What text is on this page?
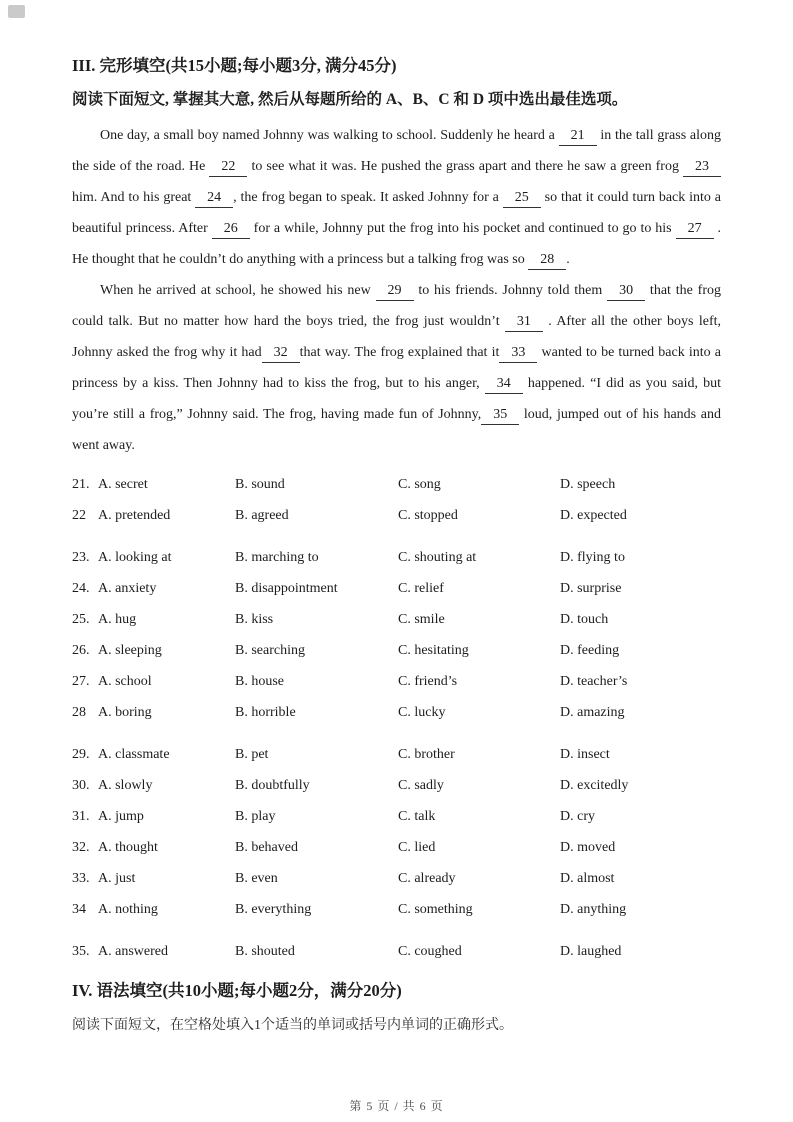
III. 完形填空(共15小题;每小题3分, 满分45分)

阅读下面短文, 掌握其大意, 然后从每题所给的 A、B、C 和 D 项中选出最佳选项。

One day, a small boy named Johnny was walking to school. Suddenly he heard a 21 in the tall grass along the side of the road. He 22 to see what it was. He pushed the grass apart and there he saw a green frog 23 him. And to his great 24 , the frog began to speak. It asked Johnny for a 25 so that it could turn back into a beautiful princess. After 26 for a while, Johnny put the frog into his pocket and continued to go to his 27 . He thought that he couldn’t do anything with a princess but a talking frog was so 28 .

When he arrived at school, he showed his new 29 to his friends. Johnny told them 30 that the frog could talk. But no matter how hard the boys tried, the frog just wouldn’t 31 . After all the other boys left, Johnny asked the frog why it had 32 that way. The frog explained that it 33 wanted to be turned back into a princess by a kiss. Then Johnny had to kiss the frog, but to his anger, 34 happened. “I did as you said, but you’re still a frog,” Johnny said. The frog, having made fun of Johnny, 35 loud, jumped out of his hands and went away.

21. A. secret	B. sound	C. song	D. speech
22 A. pretended	B. agreed	C. stopped	D. expected
23. A. looking at	B. marching to	C. shouting at	D. flying to
24. A. anxiety	B. disappointment	C. relief	D. surprise
25. A. hug	B. kiss	C. smile	D. touch
26. A. sleeping	B. searching	C. hesitating	D. feeding
27. A. school	B. house	C. friend’s	D. teacher’s
28 A. boring	B. horrible	C. lucky	D. amazing
29. A. classmate	B. pet	C. brother	D. insect
30. A. slowly	B. doubtfully	C. sadly	D. excitedly
31. A. jump	B. play	C. talk	D. cry
32. A. thought	B. behaved	C. lied	D. moved
33. A. just	B. even	C. already	D. almost
34 A. nothing	B. everything	C. something	D. anything
35. A. answered	B. shouted	C. coughed	D. laughed
IV. 语法填空(共10小题;每小题2分，满分20分)

阅读下面短文，在空格处填入1个适当的单词或括号内单词的正确形式。

第 5 页 / 共 6 页
